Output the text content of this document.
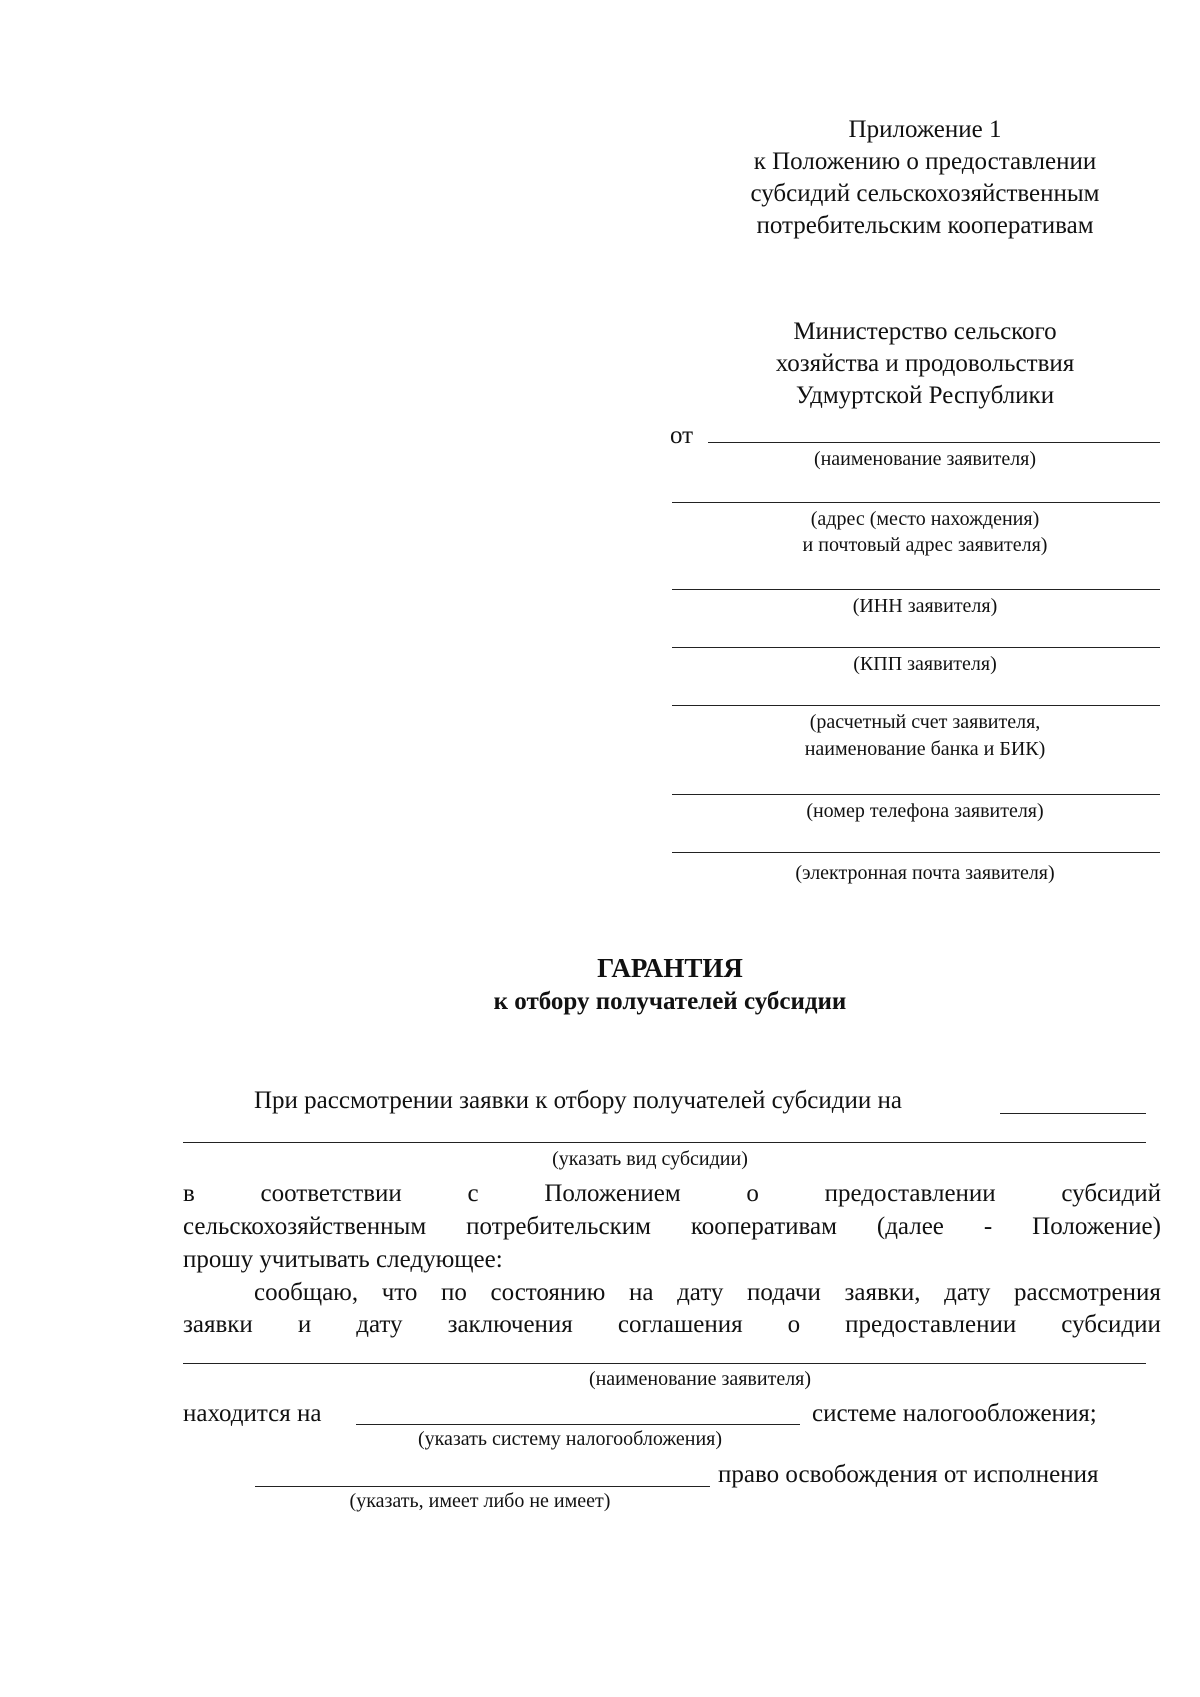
Приложение 1
к Положению о предоставлении
субсидий сельскохозяйственным
потребительским кооперативам
Министерство сельского
хозяйства и продовольствия
Удмуртской Республики
от
(наименование заявителя)
(адрес (место нахождения)
и почтовый адрес заявителя)
(ИНН заявителя)
(КПП заявителя)
(расчетный счет заявителя,
наименование банка и БИК)
(номер телефона заявителя)
(электронная почта заявителя)
ГАРАНТИЯ
к отбору получателей субсидии
При рассмотрении заявки к отбору получателей субсидии на
(указать вид субсидии)
в	соответствии	с	Положением	о	предоставлении	субсидий
сельскохозяйственным потребительским кооперативам (далее - Положение)
прошу учитывать следующее:
сообщаю, что по состоянию на дату подачи заявки, дату рассмотрения
заявки и дату заключения соглашения о предоставлении субсидии
(наименование заявителя)
находится на	системе налогообложения;
(указать систему налогообложения)
право освобождения от исполнения
(указать, имеет либо не имеет)
